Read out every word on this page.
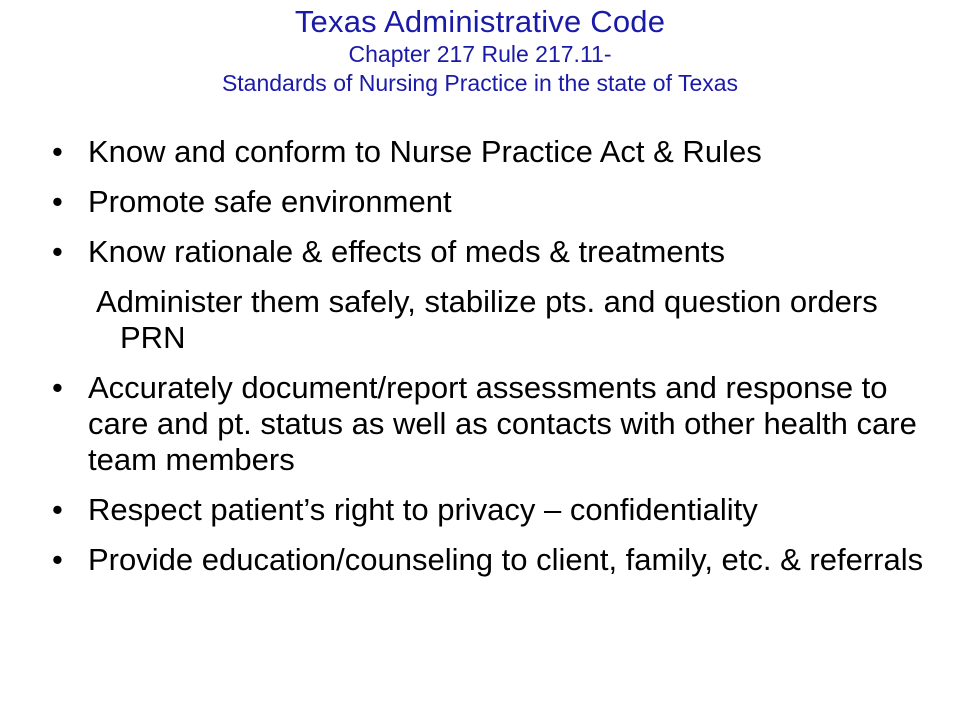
Texas Administrative Code
Chapter 217 Rule 217.11-
Standards of Nursing Practice in the state of Texas
• Know and conform to Nurse Practice Act & Rules
• Promote safe environment
• Know rationale & effects of meds & treatments
Administer them safely, stabilize pts. and question orders PRN
• Accurately document/report assessments and response to care and pt. status as well as contacts with other health care team members
• Respect patient’s right to privacy – confidentiality
• Provide education/counseling to client, family, etc. & referrals
